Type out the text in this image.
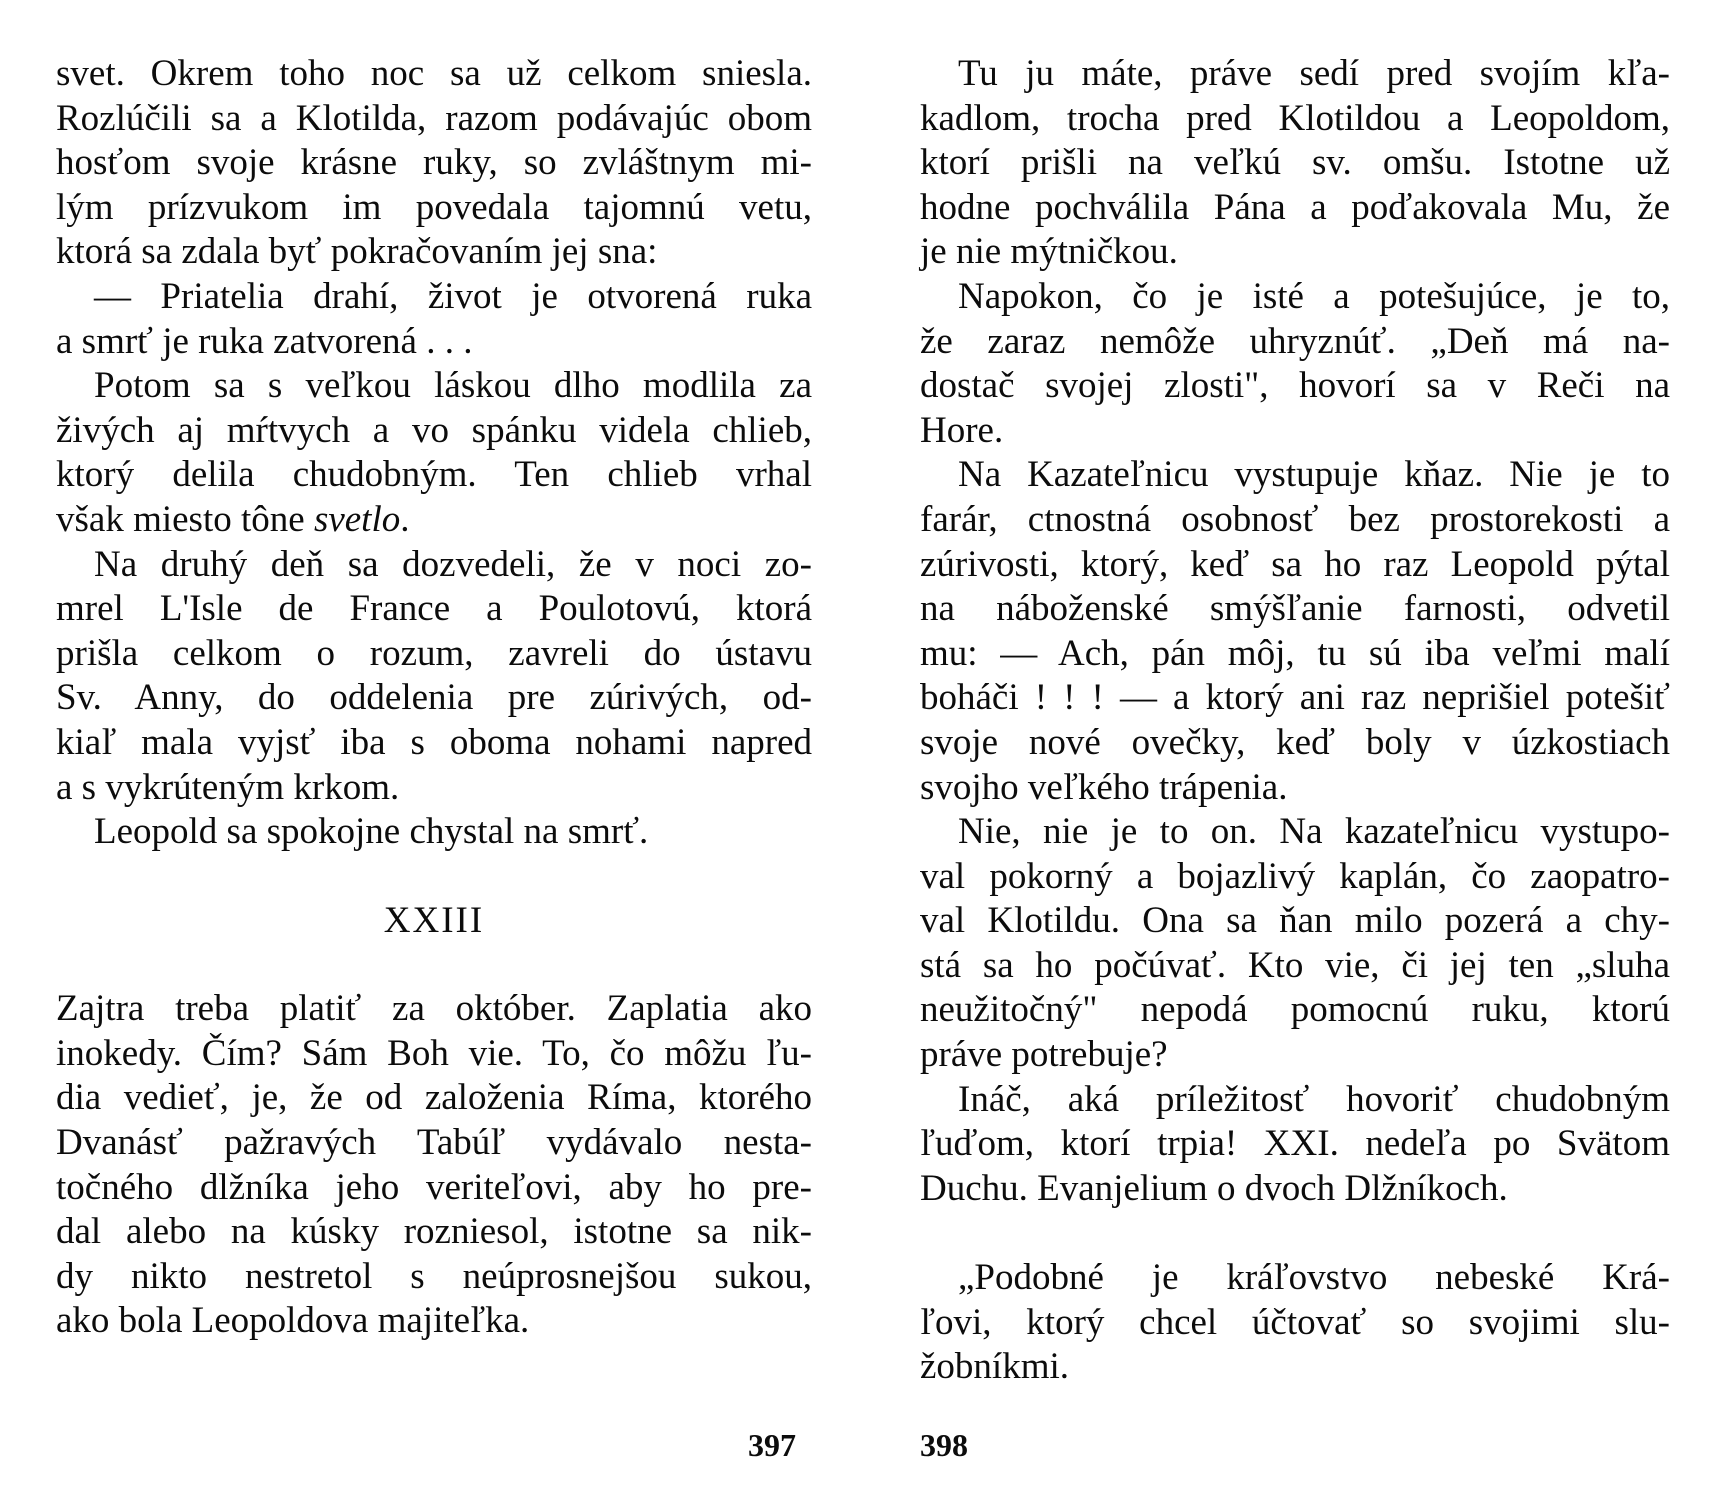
svet. Okrem toho noc sa už celkom sniesla.
Rozlúčili sa a Klotilda, razom podávajúc obom
hosťom svoje krásne ruky, so zvláštnym mi-
lým prízvukom im povedala tajomnú vetu,
ktorá sa zdala byť pokračovaním jej sna:
— Priatelia drahí, život je otvorená ruka
a smrť je ruka zatvorená . . .
Potom sa s veľkou láskou dlho modlila za
živých aj mŕtvych a vo spánku videla chlieb,
ktorý delila chudobným. Ten chlieb vrhal
však miesto tône svetlo.
Na druhý deň sa dozvedeli, že v noci zo-
mrel L'Isle de France a Poulotovú, ktorá
prišla celkom o rozum, zavreli do ústavu
Sv. Anny, do oddelenia pre zúrivých, od-
kiaľ mala vyjsť iba s oboma nohami napred
a s vykrúteným krkom.
Leopold sa spokojne chystal na smrť.
XXIII
Zajtra treba platiť za október. Zaplatia ako
inokedy. Čím? Sám Boh vie. To, čo môžu ľu-
dia vedieť, je, že od založenia Ríma, ktorého
Dvanásť pažravých Tabúľ vydávalo nesta-
točného dlžníka jeho veriteľovi, aby ho pre-
dal alebo na kúsky rozniesol, istotne sa nik-
dy nikto nestretol s neúprosnejšou sukou,
ako bola Leopoldova majiteľka.
397
Tu ju máte, práve sedí pred svojím kľa-
kadlom, trocha pred Klotildou a Leopoldom,
ktorí prišli na veľkú sv. omšu. Istotne už
hodne pochválila Pána a poďakovala Mu, že
je nie mýtničkou.
Napokon, čo je isté a potešujúce, je to,
že zaraz nemôže uhryznúť. „Deň má na-
dostač svojej zlosti", hovorí sa v Reči na
Hore.
Na Kazateľnicu vystupuje kňaz. Nie je to
farár, ctnostná osobnosť bez prostorekosti a
zúrivosti, ktorý, keď sa ho raz Leopold pýtal
na náboženské smýšľanie farnosti, odvetil
mu: — Ach, pán môj, tu sú iba veľmi malí
boháči ! ! ! — a ktorý ani raz neprišiel potešiť
svoje nové ovečky, keď boly v úzkostiach
svojho veľkého trápenia.
Nie, nie je to on. Na kazateľnicu vystupo-
val pokorný a bojazlivý kaplán, čo zaopatro-
val Klotildu. Ona sa ňan milo pozerá a chy-
stá sa ho počúvať. Kto vie, či jej ten „sluha
neužitočný" nepodá pomocnú ruku, ktorú
práve potrebuje?
Ináč, aká príležitosť hovoriť chudobným
ľuďom, ktorí trpia! XXI. nedeľa po Svätom
Duchu. Evanjelium o dvoch Dlžníkoch.
„Podobné je kráľovstvo nebeské Krá-
ľovi, ktorý chcel účtovať so svojimi slu-
žobníkmi.
398
